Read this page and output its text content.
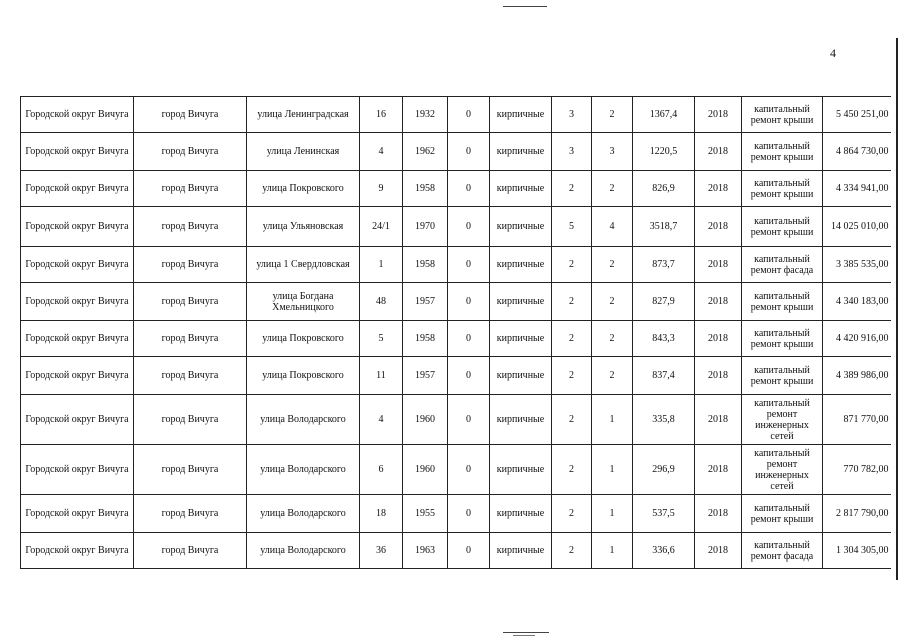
4
Городской округ Вичуга	город Вичуга	улица Ленинградская	16	1932	0	кирпичные	3	2	1367,4	2018	капитальный ремонт крыши	5 450 251,00
Городской округ Вичуга	город Вичуга	улица Ленинская	4	1962	0	кирпичные	3	3	1220,5	2018	капитальный ремонт крыши	4 864 730,00
Городской округ Вичуга	город Вичуга	улица Покровского	9	1958	0	кирпичные	2	2	826,9	2018	капитальный ремонт крыши	4 334 941,00
Городской округ Вичуга	город Вичуга	улица Ульяновская	24/1	1970	0	кирпичные	5	4	3518,7	2018	капитальный ремонт крыши	14 025 010,00
Городской округ Вичуга	город Вичуга	улица 1 Свердловская	1	1958	0	кирпичные	2	2	873,7	2018	капитальный ремонт фасада	3 385 535,00
Городской округ Вичуга	город Вичуга	улица Богдана Хмельницкого	48	1957	0	кирпичные	2	2	827,9	2018	капитальный ремонт крыши	4 340 183,00
Городской округ Вичуга	город Вичуга	улица Покровского	5	1958	0	кирпичные	2	2	843,3	2018	капитальный ремонт крыши	4 420 916,00
Городской округ Вичуга	город Вичуга	улица Покровского	11	1957	0	кирпичные	2	2	837,4	2018	капитальный ремонт крыши	4 389 986,00
Городской округ Вичуга	город Вичуга	улица Володарского	4	1960	0	кирпичные	2	1	335,8	2018	капитальный ремонт инженерных сетей	871 770,00
Городской округ Вичуга	город Вичуга	улица Володарского	6	1960	0	кирпичные	2	1	296,9	2018	капитальный ремонт инженерных сетей	770 782,00
Городской округ Вичуга	город Вичуга	улица Володарского	18	1955	0	кирпичные	2	1	537,5	2018	капитальный ремонт крыши	2 817 790,00
Городской округ Вичуга	город Вичуга	улица Володарского	36	1963	0	кирпичные	2	1	336,6	2018	капитальный ремонт фасада	1 304 305,00
